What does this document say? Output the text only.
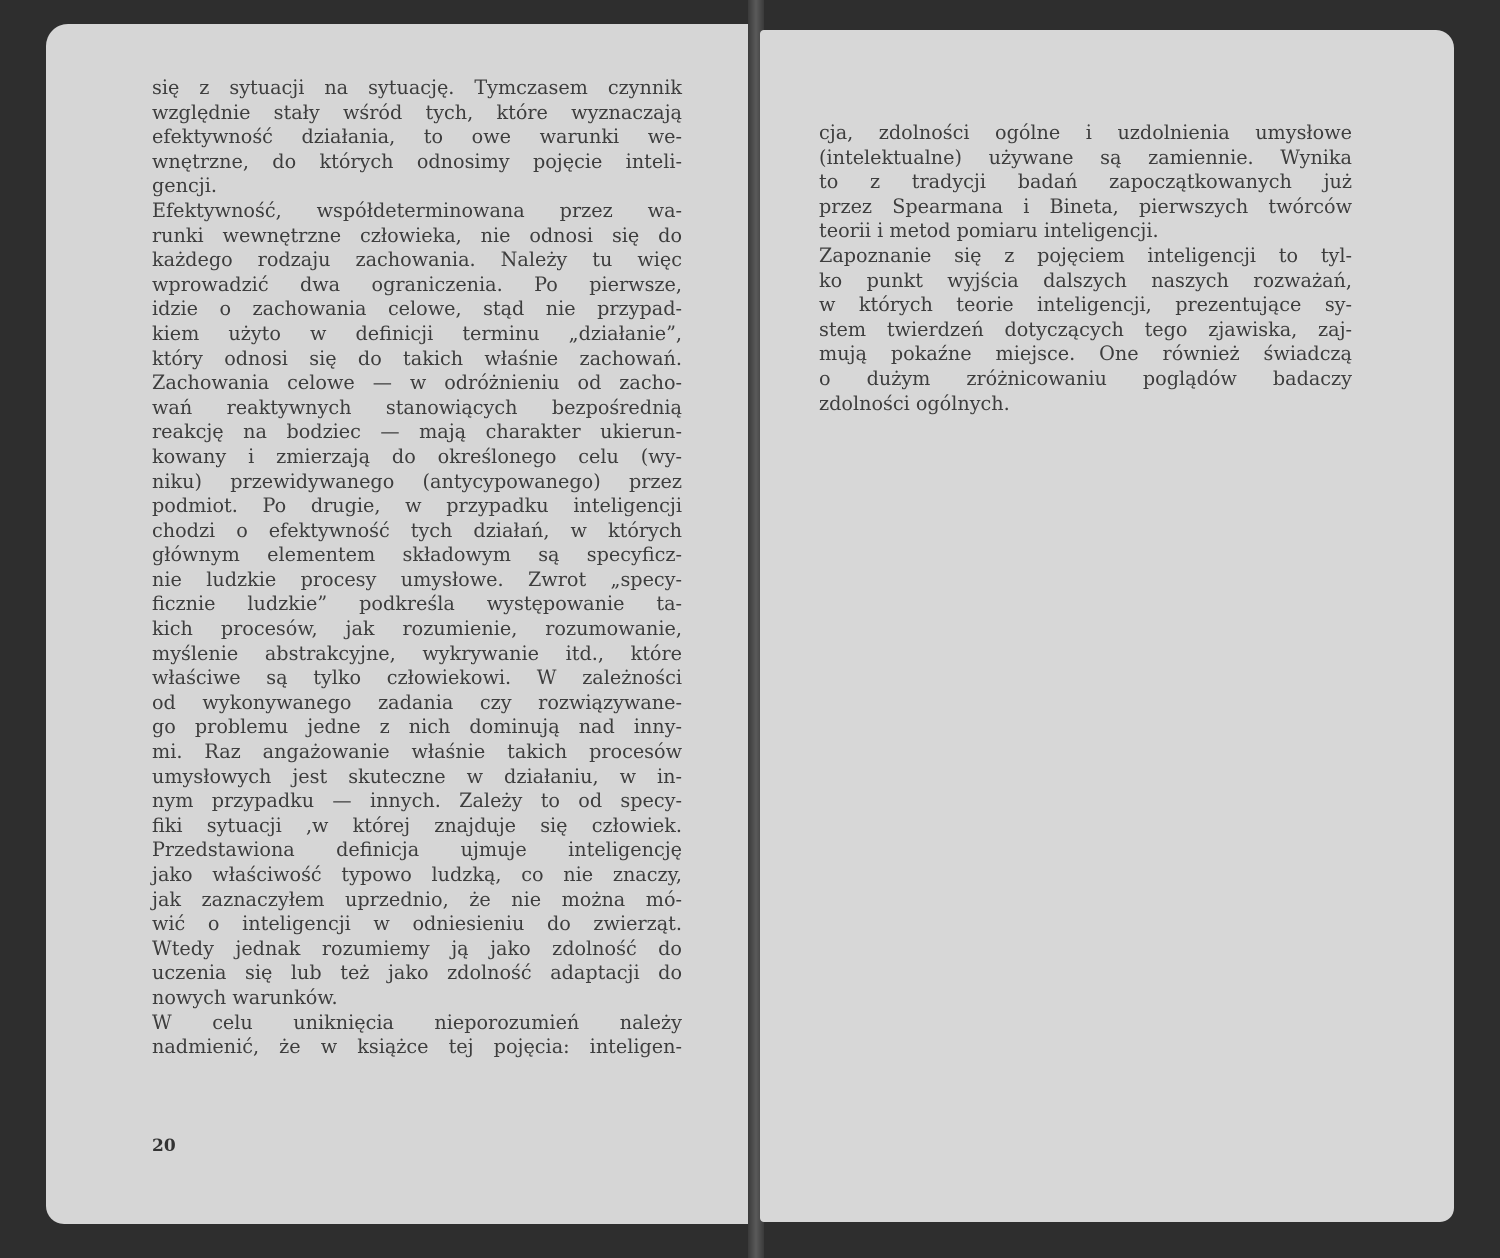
się z sytuacji na sytuację. Tymczasem czynnik
względnie stały wśród tych, które wyznaczają
efektywność działania, to owe warunki we-
wnętrzne, do których odnosimy pojęcie inteli-
gencji.
Efektywność, współdeterminowana przez wa-
runki wewnętrzne człowieka, nie odnosi się do
każdego rodzaju zachowania. Należy tu więc
wprowadzić dwa ograniczenia. Po pierwsze,
idzie o zachowania celowe, stąd nie przypad-
kiem użyto w definicji terminu „działanie”,
który odnosi się do takich właśnie zachowań.
Zachowania celowe — w odróżnieniu od zacho-
wań reaktywnych stanowiących bezpośrednią
reakcję na bodziec — mają charakter ukierun-
kowany i zmierzają do określonego celu (wy-
niku) przewidywanego (antycypowanego) przez
podmiot. Po drugie, w przypadku inteligencji
chodzi o efektywność tych działań, w których
głównym elementem składowym są specyficz-
nie ludzkie procesy umysłowe. Zwrot „specy-
ficznie ludzkie” podkreśla występowanie ta-
kich procesów, jak rozumienie, rozumowanie,
myślenie abstrakcyjne, wykrywanie itd., które
właściwe są tylko człowiekowi. W zależności
od wykonywanego zadania czy rozwiązywane-
go problemu jedne z nich dominują nad inny-
mi. Raz angażowanie właśnie takich procesów
umysłowych jest skuteczne w działaniu, w in-
nym przypadku — innych. Zależy to od specy-
fiki sytuacji ,w której znajduje się człowiek.
Przedstawiona definicja ujmuje inteligencję
jako właściwość typowo ludzką, co nie znaczy,
jak zaznaczyłem uprzednio, że nie można mó-
wić o inteligencji w odniesieniu do zwierząt.
Wtedy jednak rozumiemy ją jako zdolność do
uczenia się lub też jako zdolność adaptacji do
nowych warunków.
W celu uniknięcia nieporozumień należy
nadmienić, że w książce tej pojęcia: inteligen-
20
cja, zdolności ogólne i uzdolnienia umysłowe
(intelektualne) używane są zamiennie. Wynika
to z tradycji badań zapoczątkowanych już
przez Spearmana i Bineta, pierwszych twórców
teorii i metod pomiaru inteligencji.
Zapoznanie się z pojęciem inteligencji to tyl-
ko punkt wyjścia dalszych naszych rozważań,
w których teorie inteligencji, prezentujące sy-
stem twierdzeń dotyczących tego zjawiska, zaj-
mują pokaźne miejsce. One również świadczą
o dużym zróżnicowaniu poglądów badaczy
zdolności ogólnych.
